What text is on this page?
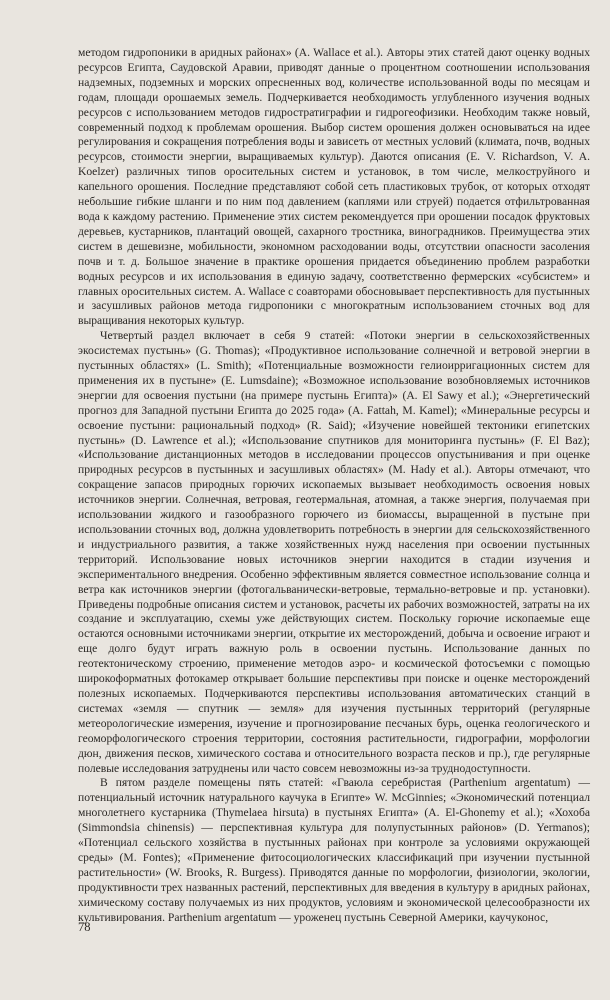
методом гидропоники в аридных районах» (A. Wallace et al.). Авторы этих статей дают оценку водных ресурсов Египта, Саудовской Аравии, приводят данные о процентном соотношении использования надземных, подземных и морских опресненных вод, количестве использованной воды по месяцам и годам, площади орошаемых земель. Подчеркивается необходимость углубленного изучения водных ресурсов с использованием методов гидростратиграфии и гидрогеофизики. Необходим также новый, современный подход к проблемам орошения. Выбор систем орошения должен основываться на идее регулирования и сокращения потребления воды и зависеть от местных условий (климата, почв, водных ресурсов, стоимости энергии, выращиваемых культур). Даются описания (E. V. Richardson, V. A. Koelzer) различных типов оросительных систем и установок, в том числе, мелкоструйного и капельного орошения. Последние представляют собой сеть пластиковых трубок, от которых отходят небольшие гибкие шланги и по ним под давлением (каплями или струей) подается отфильтрованная вода к каждому растению. Применение этих систем рекомендуется при орошении посадок фруктовых деревьев, кустарников, плантаций овощей, сахарного тростника, виноградников. Преимущества этих систем в дешевизне, мобильности, экономном расходовании воды, отсутствии опасности засоления почв и т. д. Большое значение в практике орошения придается объединению проблем разработки водных ресурсов и их использования в единую задачу, соответственно фермерских «субсистем» и главных оросительных систем. A. Wallace с соавторами обосновывает перспективность для пустынных и засушливых районов метода гидропоники с многократным использованием сточных вод для выращивания некоторых культур.

Четвертый раздел включает в себя 9 статей: «Потоки энергии в сельскохозяйственных экосистемах пустынь» (G. Thomas); «Продуктивное использование солнечной и ветровой энергии в пустынных областях» (L. Smith); «Потенциальные возможности гелиоирригационных систем для применения их в пустыне» (E. Lumsdaine); «Возможное использование возобновляемых источников энергии для освоения пустыни (на примере пустынь Египта)» (A. El Sawy et al.); «Энергетический прогноз для Западной пустыни Египта до 2025 года» (A. Fattah, M. Kamel); «Минеральные ресурсы и освоение пустыни: рациональный подход» (R. Said); «Изучение новейшей тектоники египетских пустынь» (D. Lawrence et al.); «Использование спутников для мониторинга пустынь» (F. El Baz); «Использование дистанционных методов в исследовании процессов опустынивания и при оценке природных ресурсов в пустынных и засушливых областях» (M. Hady et al.). Авторы отмечают, что сокращение запасов природных горючих ископаемых вызывает необходимость освоения новых источников энергии. Солнечная, ветровая, геотермальная, атомная, а также энергия, получаемая при использовании жидкого и газообразного горючего из биомассы, выращенной в пустыне при использовании сточных вод, должна удовлетворить потребность в энергии для сельскохозяйственного и индустриального развития, а также хозяйственных нужд населения при освоении пустынных территорий. Использование новых источников энергии находится в стадии изучения и экспериментального внедрения. Особенно эффективным является совместное использование солнца и ветра как источников энергии (фотогальванически-ветровые, термально-ветровые и пр. установки). Приведены подробные описания систем и установок, расчеты их рабочих возможностей, затраты на их создание и эксплуатацию, схемы уже действующих систем. Поскольку горючие ископаемые еще остаются основными источниками энергии, открытие их месторождений, добыча и освоение играют и еще долго будут играть важную роль в освоении пустынь. Использование данных по геотектоническому строению, применение методов аэро- и космической фотосъемки с помощью широкоформатных фотокамер открывает большие перспективы при поиске и оценке месторождений полезных ископаемых. Подчеркиваются перспективы использования автоматических станций в системах «земля — спутник — земля» для изучения пустынных территорий (регулярные метеорологические измерения, изучение и прогнозирование песчаных бурь, оценка геологического и геоморфологического строения территории, состояния растительности, гидрографии, морфологии дюн, движения песков, химического состава и относительного возраста песков и пр.), где регулярные полевые исследования затруднены или часто совсем невозможны из-за труднодоступности.

В пятом разделе помещены пять статей: «Гваюла серебристая (Parthenium argentatum) — потенциальный источник натурального каучука в Египте» W. McGinnies; «Экономический потенциал многолетнего кустарника (Thymelaea hirsuta) в пустынях Египта» (A. El-Ghonemy et al.); «Хохоба (Simmondsia chinensis) — перспективная культура для полупустынных районов» (D. Yermanos); «Потенциал сельского хозяйства в пустынных районах при контроле за условиями окружающей среды» (M. Fontes); «Применение фитосоциологических классификаций при изучении пустынной растительности» (W. Brooks, R. Burgess). Приводятся данные по морфологии, физиологии, экологии, продуктивности трех названных растений, перспективных для введения в культуру в аридных районах, химическому составу получаемых из них продуктов, условиям и экономической целесообразности их культивирования. Parthenium argentatum — уроженец пустынь Северной Америки, каучуконос,

78
